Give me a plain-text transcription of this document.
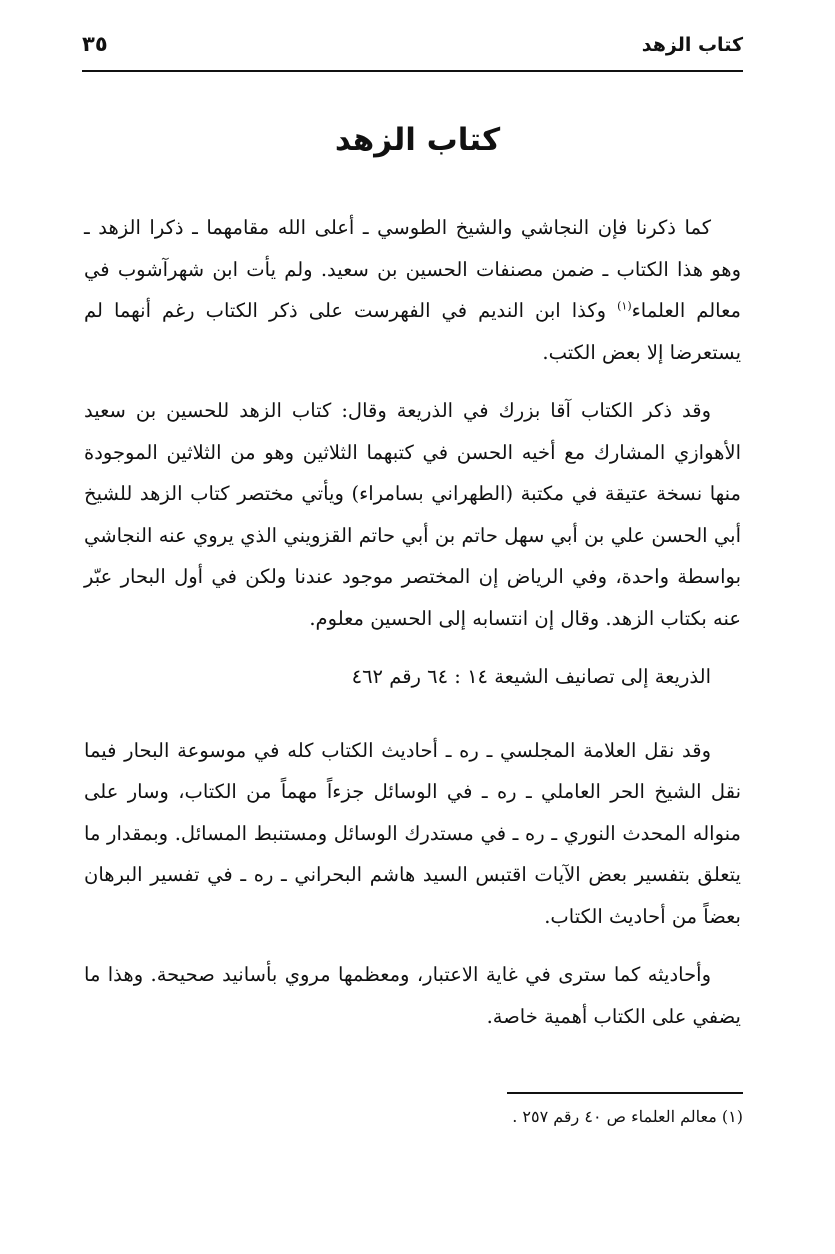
كتاب الزهد
٣٥
كتاب الزهد

كما ذكرنا فإن النجاشي والشيخ الطوسي ـ أعلى الله مقامهما ـ ذكرا الزهد ـ وهو هذا الكتاب ـ ضمن مصنفات الحسين بن سعيد. ولم يأت ابن شهرآشوب في معالم العلماء$^{(١)}$ وكذا ابن النديم في الفهرست على ذكر الكتاب رغم أنهما لم يستعرضا إلا بعض الكتب.

وقد ذكر الكتاب آقا بزرك في الذريعة وقال: كتاب الزهد للحسين بن سعيد الأهوازي المشارك مع أخيه الحسن في كتبهما الثلاثين وهو من الثلاثين الموجودة منها نسخة عتيقة في مكتبة (الطهراني بسامراء) ويأتي مختصر كتاب الزهد للشيخ أبي الحسن علي بن أبي سهل حاتم بن أبي حاتم القزويني الذي يروي عنه النجاشي بواسطة واحدة، وفي الرياض إن المختصر موجود عندنا ولكن في أول البحار عبّر عنه بكتاب الزهد. وقال إن انتسابه إلى الحسين معلوم.

الذريعة إلى تصانيف الشيعة ١٤ : ٦٤ رقم ٤٦٢

وقد نقل العلامة المجلسي ـ ره ـ أحاديث الكتاب كله في موسوعة البحار فيما نقل الشيخ الحر العاملي ـ ره ـ في الوسائل جزءاً مهماً من الكتاب، وسار على منواله المحدث النوري ـ ره ـ في مستدرك الوسائل ومستنبط المسائل. وبمقدار ما يتعلق بتفسير بعض الآيات اقتبس السيد هاشم البحراني ـ ره ـ في تفسير البرهان بعضاً من أحاديث الكتاب.

وأحاديثه كما سترى في غاية الاعتبار، ومعظمها مروي بأسانيد صحيحة. وهذا ما يضفي على الكتاب أهمية خاصة.

(١) معالم العلماء ص ٤٠ رقم ٢٥٧ .
